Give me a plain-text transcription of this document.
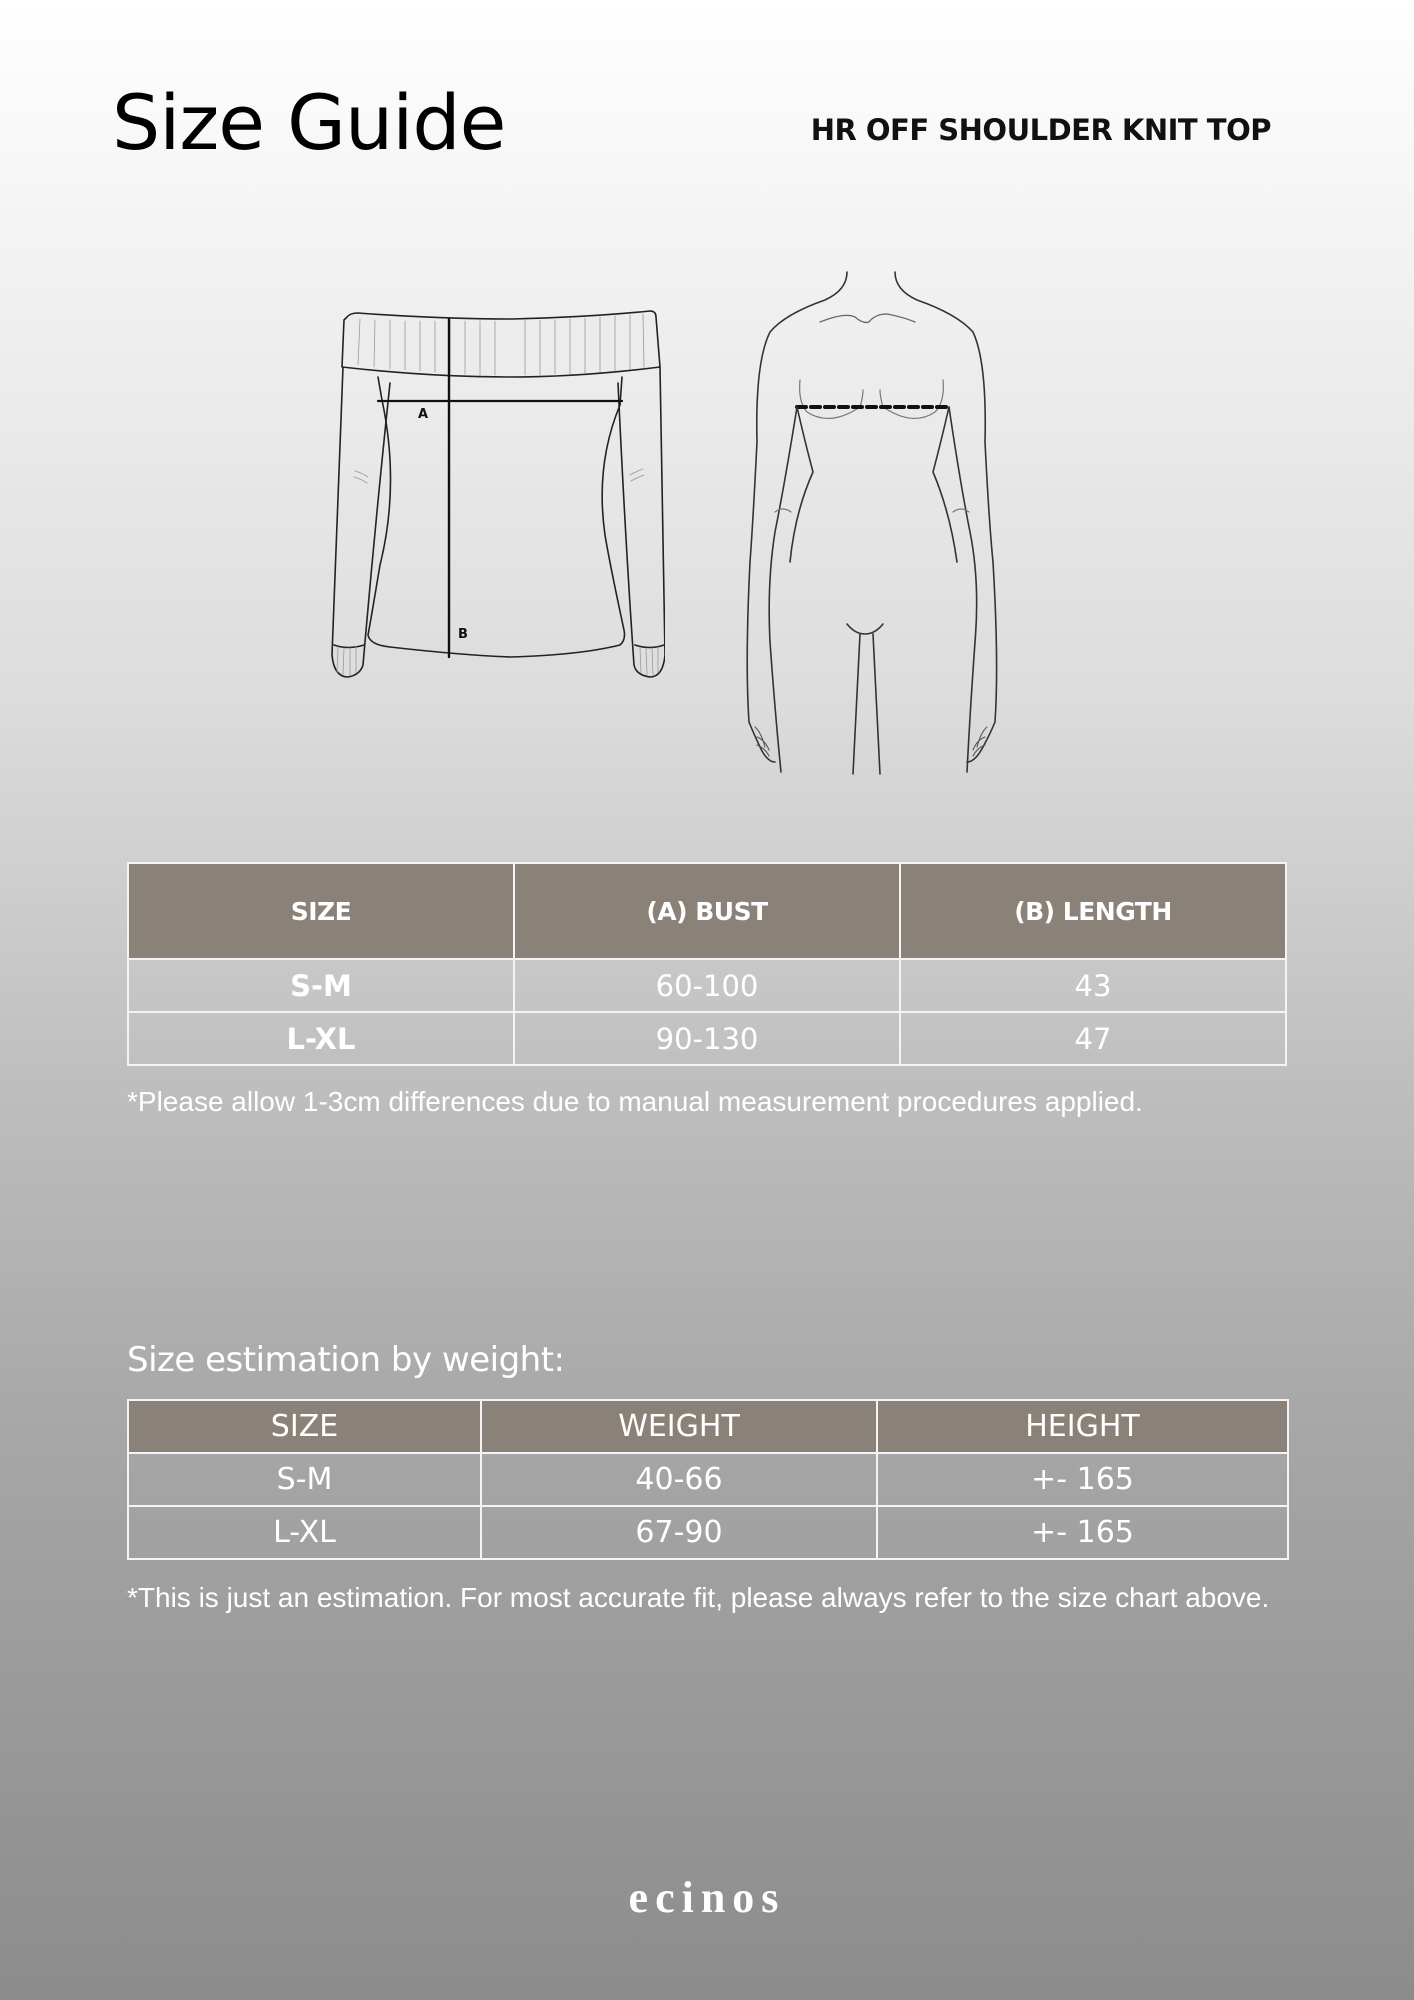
Size Guide	HR OFF SHOULDER KNIT TOP
A
B
SIZE	(A) BUST	(B) LENGTH
S-M	60-100	43
L-XL	90-130	47
*Please allow 1-3cm differences due to manual measurement procedures applied.
Size estimation by weight:
SIZE	WEIGHT	HEIGHT
S-M	40-66	+- 165
L-XL	67-90	+- 165
*This is just an estimation. For most accurate fit, please always refer to the size chart above.
ecinos
